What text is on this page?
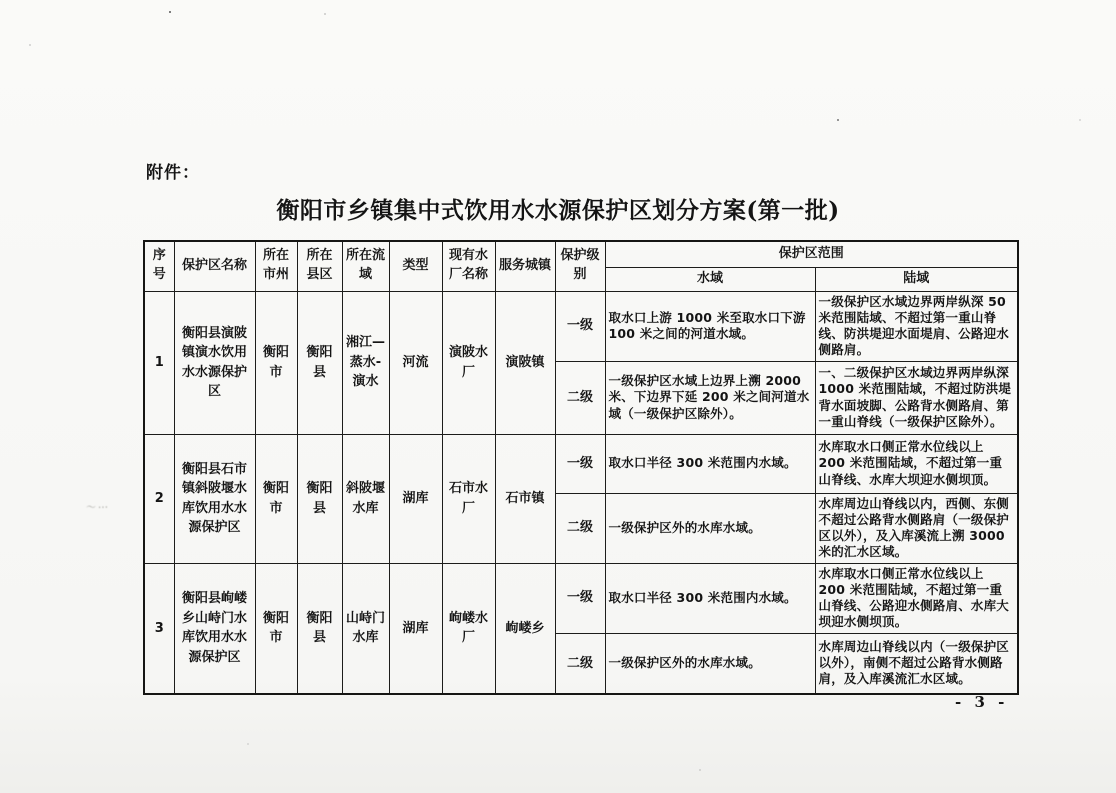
〜⋯
附件：
衡阳市乡镇集中式饮用水水源保护区划分方案(第一批)
序号	保护区名称	所在市州	所在县区	所在流域	类型	现有水厂名称	服务城镇	保护级别	保护区范围	
									水域	陆域
1	衡阳县演陂镇演水饮用水水源保护区	衡阳市	衡阳县	湘江—蒸水-演水	河流	演陂水厂	演陂镇	一级	取水口上游 1000 米至取水口下游 100 米之间的河道水域。	一级保护区水域边界两岸纵深 50 米范围陆域、不超过第一重山脊线、防洪堤迎水面堤肩、公路迎水侧路肩。
								二级	一级保护区水域上边界上溯 2000 米、下边界下延 200 米之间河道水域（一级保护区除外）。	一、二级保护区水域边界两岸纵深 1000 米范围陆域，不超过防洪堤背水面坡脚、公路背水侧路肩、第一重山脊线（一级保护区除外）。
2	衡阳县石市镇斜陂堰水库饮用水水源保护区	衡阳市	衡阳县	斜陂堰水库	湖库	石市水厂	石市镇	一级	取水口半径 300 米范围内水域。	水库取水口侧正常水位线以上 200 米范围陆域，不超过第一重山脊线、水库大坝迎水侧坝顶。
								二级	一级保护区外的水库水域。	水库周边山脊线以内，西侧、东侧不超过公路背水侧路肩（一级保护区以外），及入库溪流上溯 3000 米的汇水区域。
3	衡阳县岣嵝乡山峙门水库饮用水水源保护区	衡阳市	衡阳县	山峙门水库	湖库	岣嵝水厂	岣嵝乡	一级	取水口半径 300 米范围内水域。	水库取水口侧正常水位线以上 200 米范围陆域，不超过第一重山脊线、公路迎水侧路肩、水库大坝迎水侧坝顶。
								二级	一级保护区外的水库水域。	水库周边山脊线以内（一级保护区以外），南侧不超过公路背水侧路肩，及入库溪流汇水区域。
- 3 -
